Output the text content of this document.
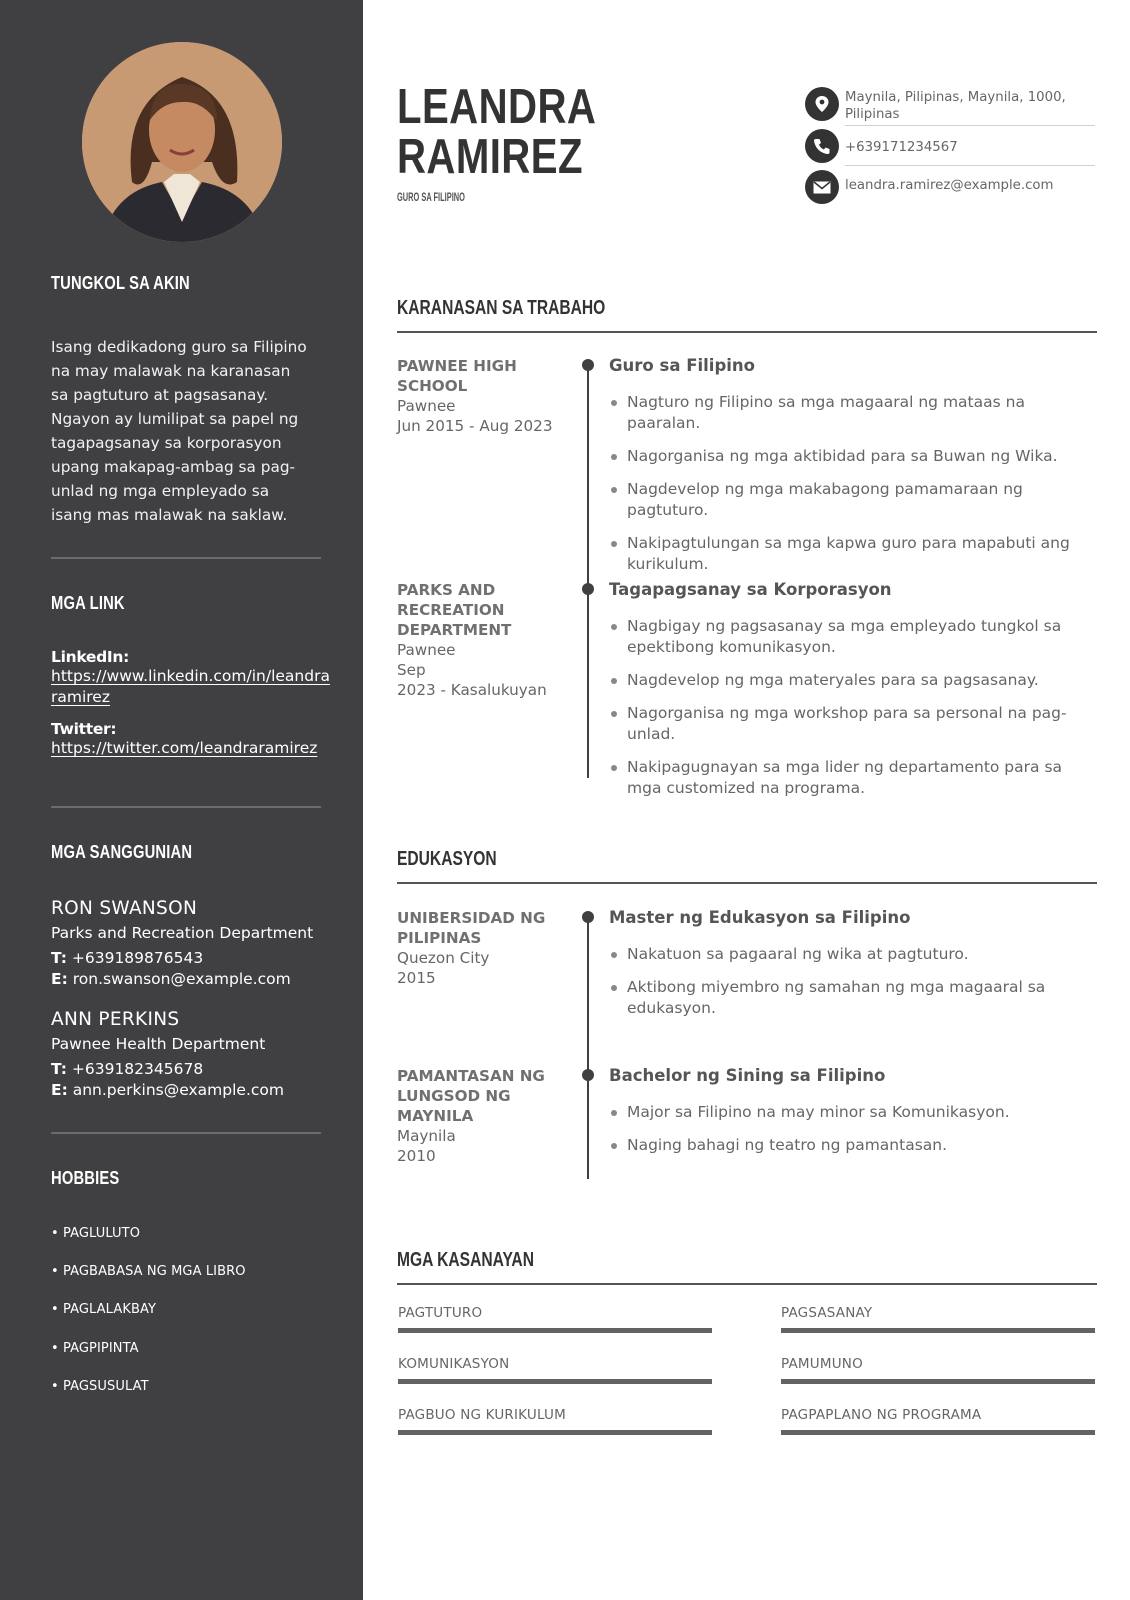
TUNGKOL SA AKIN

Isang dedikadong guro sa Filipino na may malawak na karanasan sa pagtuturo at pagsasanay. Ngayon ay lumilipat sa papel ng tagapagsanay sa korporasyon upang makapag-ambag sa pag-unlad ng mga empleyado sa isang mas malawak na saklaw.

MGA LINK
LinkedIn:
https://www.linkedin.com/in/leandraramirez
Twitter:
https://twitter.com/leandraramirez
MGA SANGGUNIAN
RON SWANSON
Parks and Recreation Department
T: +639189876543
E: ron.swanson@example.com
ANN PERKINS
Pawnee Health Department
T: +639182345678
E: ann.perkins@example.com
HOBBIES
• PAGLULUTO
• PAGBABASA NG MGA LIBRO
• PAGLALAKBAY
• PAGPIPINTA
• PAGSUSULAT
LEANDRA
RAMIREZ
GURO SA FILIPINO
Maynila, Pilipinas, Maynila, 1000, Pilipinas
+639171234567
leandra.ramirez@example.com
KARANASAN SA TRABAHO
PAWNEE HIGH SCHOOL
Pawnee
Jun 2015 - Aug 2023
Guro sa Filipino
Nagturo ng Filipino sa mga magaaral ng mataas na paaralan.
Nagorganisa ng mga aktibidad para sa Buwan ng Wika.
Nagdevelop ng mga makabagong pamamaraan ng pagtuturo.
Nakipagtulungan sa mga kapwa guro para mapabuti ang kurikulum.
PARKS AND RECREATION DEPARTMENT
Pawnee
Sep
2023 - Kasalukuyan
Tagapagsanay sa Korporasyon
Nagbigay ng pagsasanay sa mga empleyado tungkol sa epektibong komunikasyon.
Nagdevelop ng mga materyales para sa pagsasanay.
Nagorganisa ng mga workshop para sa personal na pag-unlad.
Nakipagugnayan sa mga lider ng departamento para sa mga customized na programa.
EDUKASYON
UNIBERSIDAD NG PILIPINAS
Quezon City
2015
Master ng Edukasyon sa Filipino
Nakatuon sa pagaaral ng wika at pagtuturo.
Aktibong miyembro ng samahan ng mga magaaral sa edukasyon.
PAMANTASAN NG LUNGSOD NG MAYNILA
Maynila
2010
Bachelor ng Sining sa Filipino
Major sa Filipino na may minor sa Komunikasyon.
Naging bahagi ng teatro ng pamantasan.
MGA KASANAYAN
PAGTUTURO	PAGSASANAY
KOMUNIKASYON	PAMUMUNO
PAGBUO NG KURIKULUM	PAGPAPLANO NG PROGRAMA
